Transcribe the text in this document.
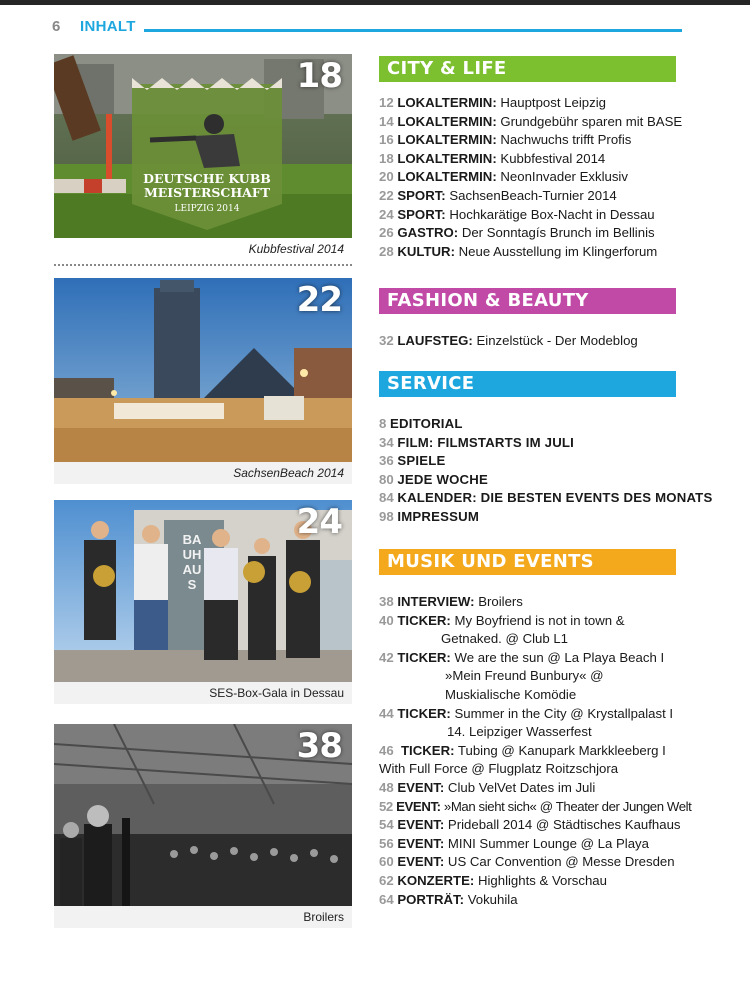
6 INHALT
DEUTSCHE KUBB
MEISTERSCHAFT
LEIPZIG 2014
18
Kubbfestival 2014
22
SachsenBeach 2014
BAUHAUS
24
SES-Box-Gala in Dessau
38
Broilers
CITY & LIFE
12 LOKALTERMIN: Hauptpost Leipzig
14 LOKALTERMIN: Grundgebühr sparen mit BASE
16 LOKALTERMIN: Nachwuchs trifft Profis
18 LOKALTERMIN: Kubbfestival 2014
20 LOKALTERMIN: NeonInvader Exklusiv
22 SPORT: SachsenBeach-Turnier 2014
24 SPORT: Hochkarätige Box-Nacht in Dessau
26 GASTRO: Der Sonntagís Brunch im Bellinis
28 KULTUR: Neue Ausstellung im Klingerforum
FASHION & BEAUTY
32 LAUFSTEG: Einzelstück - Der Modeblog
SERVICE
8 EDITORIAL
34 FILM: FILMSTARTS IM JULI
36 SPIELE
80 JEDE WOCHE
84 KALENDER: DIE BESTEN EVENTS DES MONATS
98 IMPRESSUM
MUSIK UND EVENTS
38 INTERVIEW: Broilers
40 TICKER: My Boyfriend is not in town &
Getnaked. @ Club L1
42 TICKER: We are the sun @ La Playa Beach I
»Mein Freund Bunbury« @
Muskialische Komödie
44 TICKER: Summer in the City @ Krystallpalast I
14. Leipziger Wasserfest
46 TICKER: Tubing @ Kanupark Markkleeberg I
With Full Force @ Flugplatz Roitzschjora
48 EVENT: Club VelVet Dates im Juli
52 EVENT: »Man sieht sich« @ Theater der Jungen Welt
54 EVENT: Prideball 2014 @ Städtisches Kaufhaus
56 EVENT: MINI Summer Lounge @ La Playa
60 EVENT: US Car Convention @ Messe Dresden
62 KONZERTE: Highlights & Vorschau
64 PORTRÄT: Vokuhila
